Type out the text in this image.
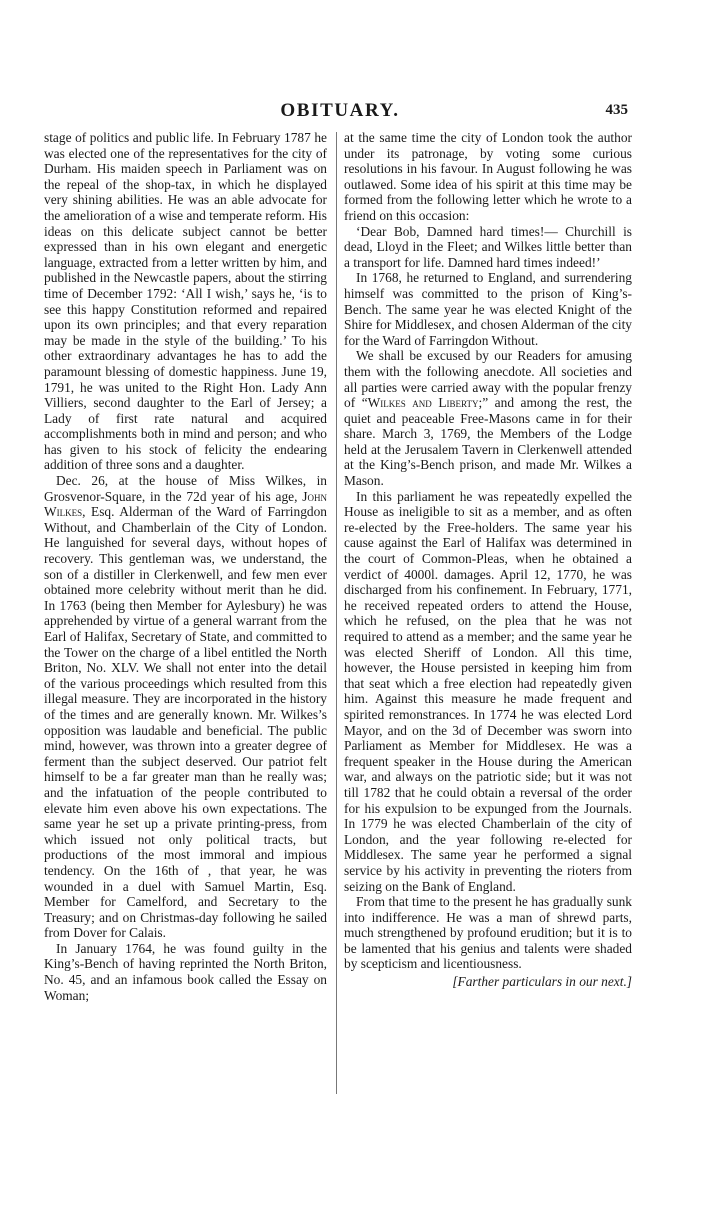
OBITUARY.	435

stage of politics and public life. In February 1787 he was elected one of the representatives for the city of Durham. His maiden speech in Parliament was on the repeal of the shop-tax, in which he displayed very shining abilities. He was an able advocate for the amelioration of a wise and temperate reform. His ideas on this delicate subject cannot be better expressed than in his own elegant and energetic language, extracted from a letter written by him, and published in the Newcastle papers, about the stirring time of December 1792: ‘All I wish,’ says he, ‘is to see this happy Constitution reformed and repaired upon its own principles; and that every reparation may be made in the style of the building.’ To his other extraordinary advantages he has to add the paramount blessing of domestic happiness. June 19, 1791, he was united to the Right Hon. Lady Ann Villiers, second daughter to the Earl of Jersey; a Lady of first rate natural and acquired accomplishments both in mind and person; and who has given to his stock of felicity the endearing addition of three sons and a daughter.

Dec. 26, at the house of Miss Wilkes, in Grosvenor-Square, in the 72d year of his age, John Wilkes, Esq. Alderman of the Ward of Farringdon Without, and Chamberlain of the City of London. He languished for several days, without hopes of recovery. This gentleman was, we understand, the son of a distiller in Clerkenwell, and few men ever obtained more celebrity without merit than he did. In 1763 (being then Member for Aylesbury) he was apprehended by virtue of a general warrant from the Earl of Halifax, Secretary of State, and committed to the Tower on the charge of a libel entitled the North Briton, No. XLV. We shall not enter into the detail of the various proceedings which resulted from this illegal measure. They are incorporated in the history of the times and are generally known. Mr. Wilkes’s opposition was laudable and beneficial. The public mind, however, was thrown into a greater degree of ferment than the subject deserved. Our patriot felt himself to be a far greater man than he really was; and the infatuation of the people contributed to elevate him even above his own expectations. The same year he set up a private printing-press, from which issued not only political tracts, but productions of the most immoral and impious tendency. On the 16th of , that year, he was wounded in a duel with Samuel Martin, Esq. Member for Camelford, and Secretary to the Treasury; and on Christmas-day following he sailed from Dover for Calais.

In January 1764, he was found guilty in the King’s-Bench of having reprinted the North Briton, No. 45, and an infamous book called the Essay on Woman;

at the same time the city of London took the author under its patronage, by voting some curious resolutions in his favour. In August following he was outlawed. Some idea of his spirit at this time may be formed from the following letter which he wrote to a friend on this occasion:

‘Dear Bob, Damned hard times!— Churchill is dead, Lloyd in the Fleet; and Wilkes little better than a transport for life. Damned hard times indeed!’

In 1768, he returned to England, and surrendering himself was committed to the prison of King’s-Bench. The same year he was elected Knight of the Shire for Middlesex, and chosen Alderman of the city for the Ward of Farringdon Without.

We shall be excused by our Readers for amusing them with the following anecdote. All societies and all parties were carried away with the popular frenzy of “Wilkes and Liberty;” and among the rest, the quiet and peaceable Free-Masons came in for their share. March 3, 1769, the Members of the Lodge held at the Jerusalem Tavern in Clerkenwell attended at the King’s-Bench prison, and made Mr. Wilkes a Mason.

In this parliament he was repeatedly expelled the House as ineligible to sit as a member, and as often re-elected by the Free-holders. The same year his cause against the Earl of Halifax was determined in the court of Common-Pleas, when he obtained a verdict of 4000l. damages. April 12, 1770, he was discharged from his confinement. In February, 1771, he received repeated orders to attend the House, which he refused, on the plea that he was not required to attend as a member; and the same year he was elected Sheriff of London. All this time, however, the House persisted in keeping him from that seat which a free election had repeatedly given him. Against this measure he made frequent and spirited remonstrances. In 1774 he was elected Lord Mayor, and on the 3d of December was sworn into Parliament as Member for Middlesex. He was a frequent speaker in the House during the American war, and always on the patriotic side; but it was not till 1782 that he could obtain a reversal of the order for his expulsion to be expunged from the Journals. In 1779 he was elected Chamberlain of the city of London, and the year following re-elected for Middlesex. The same year he performed a signal service by his activity in preventing the rioters from seizing on the Bank of England.

From that time to the present he has gradually sunk into indifference. He was a man of shrewd parts, much strengthened by profound erudition; but it is to be lamented that his genius and talents were shaded by scepticism and licentiousness.

[Farther particulars in our next.]
